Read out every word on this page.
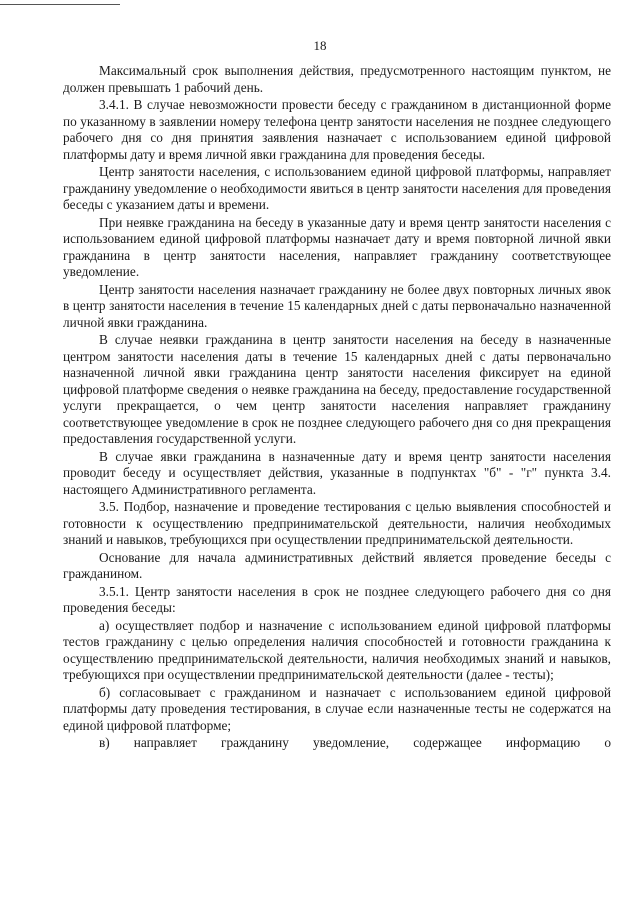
18

Максимальный срок выполнения действия, предусмотренного настоящим пунктом, не должен превышать 1 рабочий день.

3.4.1. В случае невозможности провести беседу с гражданином в дистанционной форме по указанному в заявлении номеру телефона центр занятости населения не позднее следующего рабочего дня со дня принятия заявления назначает с использованием единой цифровой платформы дату и время личной явки гражданина для проведения беседы.

Центр занятости населения, с использованием единой цифровой платформы, направляет гражданину уведомление о необходимости явиться в центр занятости населения для проведения беседы с указанием даты и времени.

При неявке гражданина на беседу в указанные дату и время центр занятости населения с использованием единой цифровой платформы назначает дату и время повторной личной явки гражданина в центр занятости населения, направляет гражданину соответствующее уведомление.

Центр занятости населения назначает гражданину не более двух повторных личных явок в центр занятости населения в течение 15 календарных дней с даты первоначально назначенной личной явки гражданина.

В случае неявки гражданина в центр занятости населения на беседу в назначенные центром занятости населения даты в течение 15 календарных дней с даты первоначально назначенной личной явки гражданина центр занятости населения фиксирует на единой цифровой платформе сведения о неявке гражданина на беседу, предоставление государственной услуги прекращается, о чем центр занятости населения направляет гражданину соответствующее уведомление в срок не позднее следующего рабочего дня со дня прекращения предоставления государственной услуги.

В случае явки гражданина в назначенные дату и время центр занятости населения проводит беседу и осуществляет действия, указанные в подпунктах "б" - "г" пункта 3.4. настоящего Административного регламента.

3.5. Подбор, назначение и проведение тестирования с целью выявления способностей и готовности к осуществлению предпринимательской деятельности, наличия необходимых знаний и навыков, требующихся при осуществлении предпринимательской деятельности.

Основание для начала административных действий является проведение беседы с гражданином.

3.5.1. Центр занятости населения в срок не позднее следующего рабочего дня со дня проведения беседы:

а) осуществляет подбор и назначение с использованием единой цифровой платформы тестов гражданину с целью определения наличия способностей и готовности гражданина к осуществлению предпринимательской деятельности, наличия необходимых знаний и навыков, требующихся при осуществлении предпринимательской деятельности (далее - тесты);

б) согласовывает с гражданином и назначает с использованием единой цифровой платформы дату проведения тестирования, в случае если назначенные тесты не содержатся на единой цифровой платформе;

в) направляет гражданину уведомление, содержащее информацию о
